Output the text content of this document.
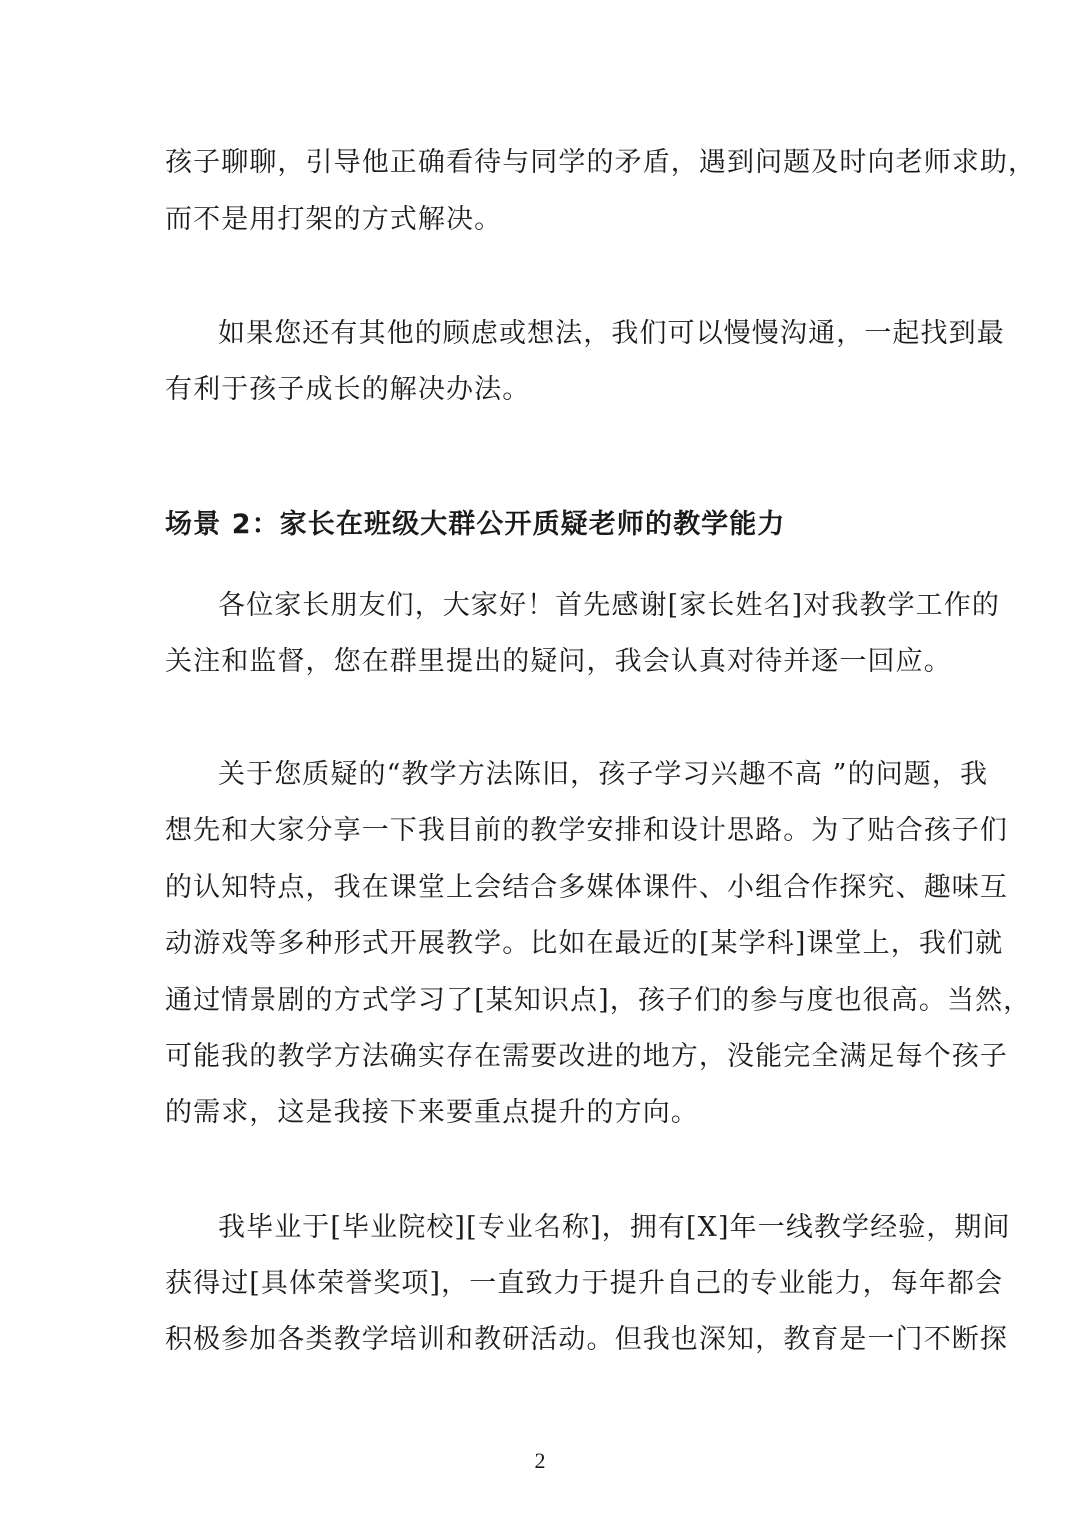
孩子聊聊，引导他正确看待与同学的矛盾，遇到问题及时向老师求助，

而不是用打架的方式解决。

如果您还有其他的顾虑或想法，我们可以慢慢沟通，一起找到最

有利于孩子成长的解决办法。

场景 2：家长在班级大群公开质疑老师的教学能力

各位家长朋友们，大家好！首先感谢[家长姓名]对我教学工作的

关注和监督，您在群里提出的疑问，我会认真对待并逐一回应。

关于您质疑的“教学方法陈旧，孩子学习兴趣不高 ”的问题，我

想先和大家分享一下我目前的教学安排和设计思路。为了贴合孩子们

的认知特点，我在课堂上会结合多媒体课件、小组合作探究、趣味互

动游戏等多种形式开展教学。比如在最近的[某学科]课堂上，我们就

通过情景剧的方式学习了[某知识点]，孩子们的参与度也很高。当然，

可能我的教学方法确实存在需要改进的地方，没能完全满足每个孩子

的需求，这是我接下来要重点提升的方向。

我毕业于[毕业院校][专业名称]，拥有[X]年一线教学经验，期间

获得过[具体荣誉奖项]，一直致力于提升自己的专业能力，每年都会

积极参加各类教学培训和教研活动。但我也深知，教育是一门不断探

2
